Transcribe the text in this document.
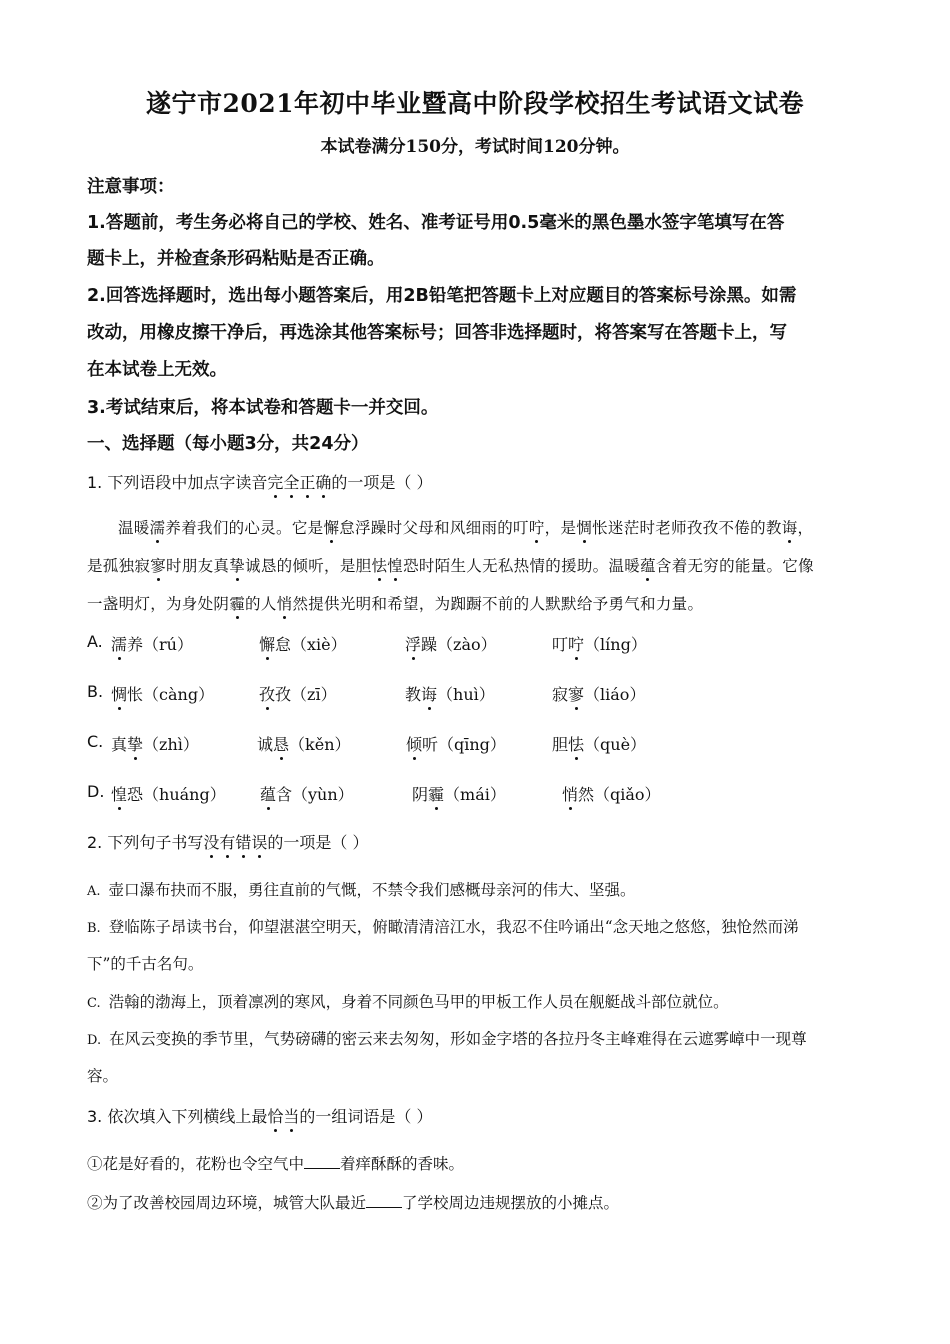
遂宁市2021年初中毕业暨高中阶段学校招生考试语文试卷
本试卷满分150分，考试时间120分钟。
注意事项：
1.答题前，考生务必将自己的学校、姓名、准考证号用0.5毫米的黑色墨水签字笔填写在答
题卡上，并检查条形码粘贴是否正确。
2.回答选择题时，选出每小题答案后，用2B铅笔把答题卡上对应题目的答案标号涂黑。如需
改动，用橡皮擦干净后，再选涂其他答案标号；回答非选择题时，将答案写在答题卡上，写
在本试卷上无效。
3.考试结束后，将本试卷和答题卡一并交回。
一、选择题（每小题3分，共24分）
1. 下列语段中加点字读音完全正确的一项是（ ）
温暖濡养着我们的心灵。它是懈怠浮躁时父母和风细雨的叮咛，是惆怅迷茫时老师孜孜不倦的教诲，
是孤独寂寥时朋友真挚诚恳的倾听，是胆怯惶恐时陌生人无私热情的援助。温暖蕴含着无穷的能量。它像
一盏明灯，为身处阴霾的人悄然提供光明和希望，为踟蹰不前的人默默给予勇气和力量。
A. 濡养（rú）	懈怠（xiè）	浮躁（zào）	叮咛（líng）
B. 惆怅（càng）	孜孜（zī）	教诲（huì）	寂寥（liáo）
C. 真挚（zhì）	诚恳（kěn）	倾听（qīng）	胆怯（què）
D. 惶恐（huáng） 蕴含（yùn）	阴霾（mái）	悄然（qiǎo）
2. 下列句子书写没有错误的一项是（ ）
A. 壶口瀑布抉而不服，勇往直前的气慨，不禁令我们感概母亲河的伟大、坚强。
B. 登临陈子昂读书台，仰望湛湛空明天，俯瞰清清涪江水，我忍不住吟诵出“念天地之悠悠，独怆然而涕
下”的千古名句。
C. 浩翰的渤海上，顶着凛冽的寒风，身着不同颜色马甲的甲板工作人员在舰艇战斗部位就位。
D. 在风云变换的季节里，气势磅礴的密云来去匆匆，形如金字塔的各拉丹冬主峰难得在云遮雾嶂中一现尊
容。
3. 依次填入下列横线上最恰当的一组词语是（ ）
①花是好看的，花粉也令空气中 着痒酥酥的香味。
②为了改善校园周边环境，城管大队最近 了学校周边违规摆放的小摊点。
